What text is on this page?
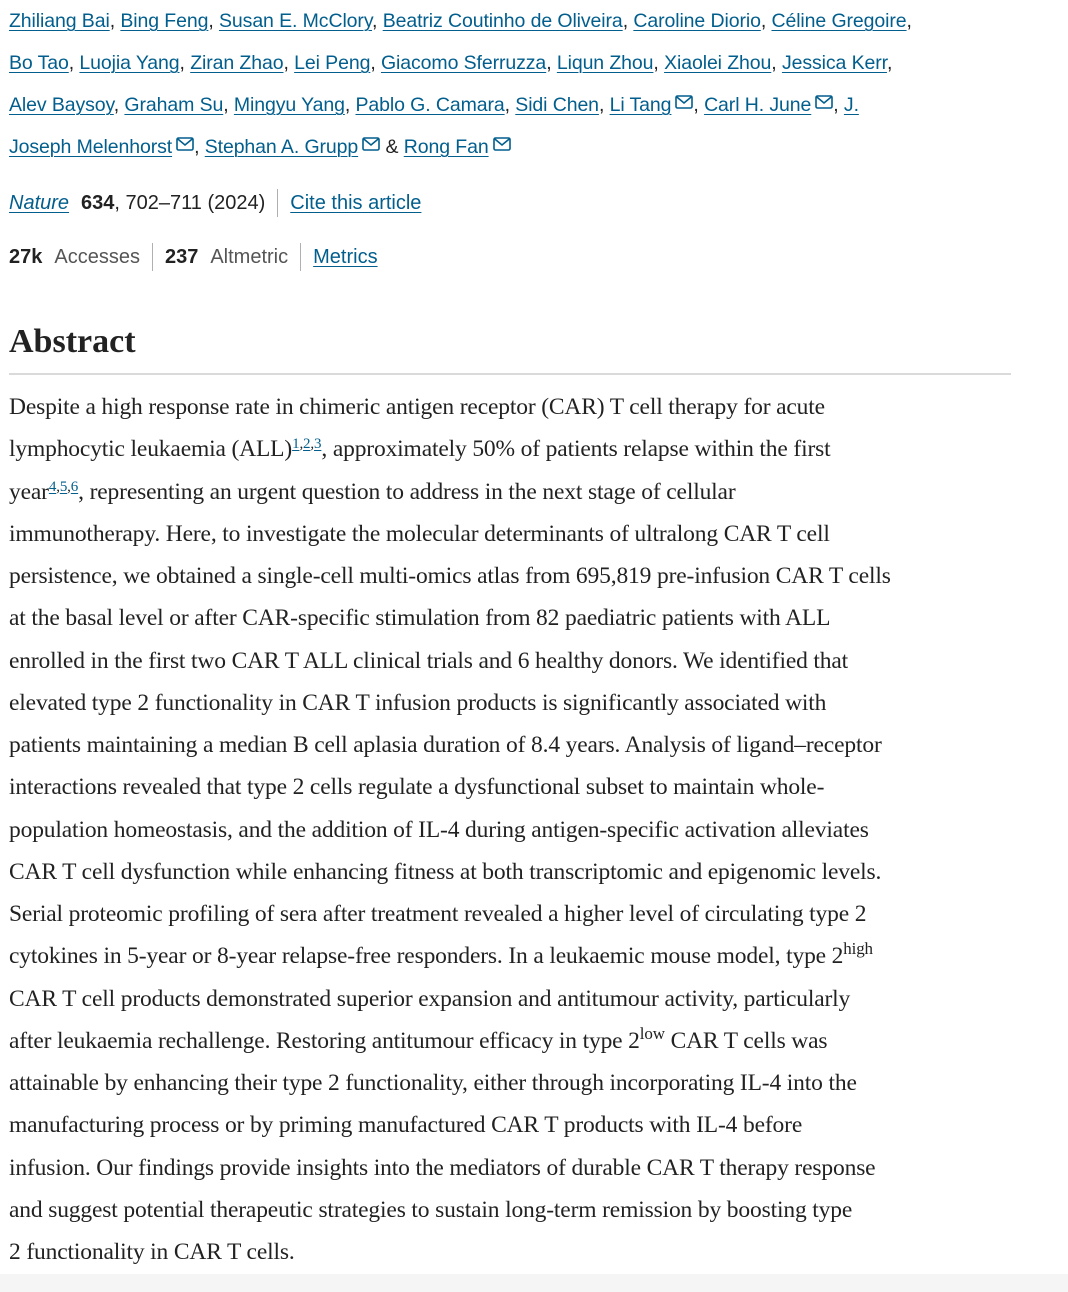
Zhiliang Bai, Bing Feng, Susan E. McClory, Beatriz Coutinho de Oliveira, Caroline Diorio, Céline Gregoire,
Bo Tao, Luojia Yang, Ziran Zhao, Lei Peng, Giacomo Sferruzza, Liqun Zhou, Xiaolei Zhou, Jessica Kerr,
Alev Baysoy, Graham Su, Mingyu Yang, Pablo G. Camara, Sidi Chen, Li Tang , Carl H. June , J.
Joseph Melenhorst , Stephan A. Grupp & Rong Fan
Nature 634 , 702–711 (2024) Cite this article
27k Accesses 237 Altmetric Metrics
Abstract

Despite a high response rate in chimeric antigen receptor (CAR) T cell therapy for acute
lymphocytic leukaemia (ALL)$^{1,2,3}$, approximately 50% of patients relapse within the first
year$^{4,5,6}$, representing an urgent question to address in the next stage of cellular
immunotherapy. Here, to investigate the molecular determinants of ultralong CAR T cell
persistence, we obtained a single-cell multi-omics atlas from 695,819 pre-infusion CAR T cells
at the basal level or after CAR-specific stimulation from 82 paediatric patients with ALL
enrolled in the first two CAR T ALL clinical trials and 6 healthy donors. We identified that
elevated type 2 functionality in CAR T infusion products is significantly associated with
patients maintaining a median B cell aplasia duration of 8.4 years. Analysis of ligand–receptor
interactions revealed that type 2 cells regulate a dysfunctional subset to maintain whole-
population homeostasis, and the addition of IL-4 during antigen-specific activation alleviates
CAR T cell dysfunction while enhancing fitness at both transcriptomic and epigenomic levels.
Serial proteomic profiling of sera after treatment revealed a higher level of circulating type 2
cytokines in 5-year or 8-year relapse-free responders. In a leukaemic mouse model, type $2^{high}$
CAR T cell products demonstrated superior expansion and antitumour activity, particularly
after leukaemia rechallenge. Restoring antitumour efficacy in type $2^{low}$ CAR T cells was
attainable by enhancing their type 2 functionality, either through incorporating IL-4 into the
manufacturing process or by priming manufactured CAR T products with IL-4 before
infusion. Our findings provide insights into the mediators of durable CAR T therapy response
and suggest potential therapeutic strategies to sustain long-term remission by boosting type
2 functionality in CAR T cells.
